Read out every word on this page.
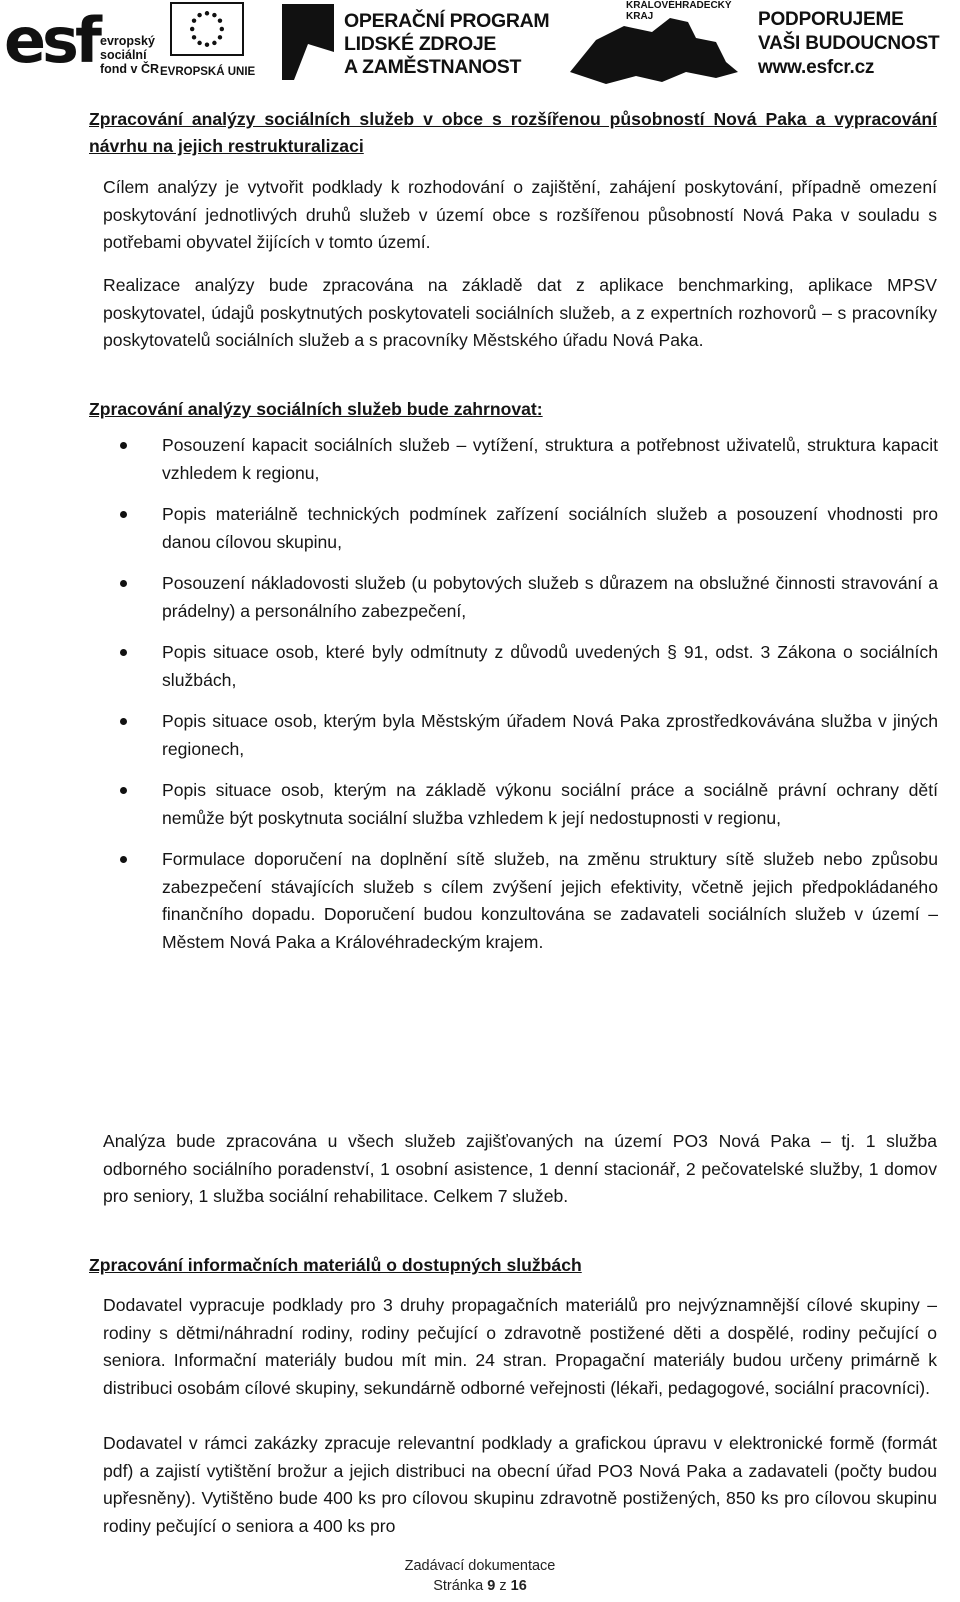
esf evropský
sociální
fond v ČR EVROPSKÁ UNIE
OPERAČNÍ PROGRAM
LIDSKÉ ZDROJE
A ZAMĚSTNANOST
KRÁLOVÉHRADECKÝ
KRAJ	PODPORUJEME
VAŠI BUDOUCNOST
www.esfcr.cz
Zpracování analýzy sociálních služeb v obce s rozšířenou působností Nová Paka a vypracování návrhu na jejich restrukturalizaci
Cílem analýzy je vytvořit podklady k rozhodování o zajištění, zahájení poskytování, případně omezení poskytování jednotlivých druhů služeb v území obce s rozšířenou působností Nová Paka v souladu s potřebami obyvatel žijících v tomto území.
Realizace analýzy bude zpracována na základě dat z aplikace benchmarking, aplikace MPSV poskytovatel, údajů poskytnutých poskytovateli sociálních služeb, a z expertních rozhovorů – s pracovníky poskytovatelů sociálních služeb a s pracovníky Městského úřadu Nová Paka.
Zpracování analýzy sociálních služeb bude zahrnovat:
Posouzení kapacit sociálních služeb – vytížení, struktura a potřebnost uživatelů, struktura kapacit vzhledem k regionu,
Popis materiálně technických podmínek zařízení sociálních služeb a posouzení vhodnosti pro danou cílovou skupinu,
Posouzení nákladovosti služeb (u pobytových služeb s důrazem na obslužné činnosti stravování a prádelny) a personálního zabezpečení,
Popis situace osob, které byly odmítnuty z důvodů uvedených § 91, odst. 3 Zákona o sociálních službách,
Popis situace osob, kterým byla Městským úřadem Nová Paka zprostředkovávána služba v jiných regionech,
Popis situace osob, kterým na základě výkonu sociální práce a sociálně právní ochrany dětí nemůže být poskytnuta sociální služba vzhledem k její nedostupnosti v regionu,
Formulace doporučení na doplnění sítě služeb, na změnu struktury sítě služeb nebo způsobu zabezpečení stávajících služeb s cílem zvýšení jejich efektivity, včetně jejich předpokládaného finančního dopadu. Doporučení budou konzultována se zadavateli sociálních služeb v území – Městem Nová Paka a Královéhradeckým krajem.
Analýza bude zpracována u všech služeb zajišťovaných na území PO3 Nová Paka – tj. 1 služba odborného sociálního poradenství, 1 osobní asistence, 1 denní stacionář, 2 pečovatelské služby, 1 domov pro seniory, 1 služba sociální rehabilitace. Celkem 7 služeb.
Zpracování informačních materiálů o dostupných službách
Dodavatel vypracuje podklady pro 3 druhy propagačních materiálů pro nejvýznamnější cílové skupiny – rodiny s dětmi/náhradní rodiny, rodiny pečující o zdravotně postižené děti a dospělé, rodiny pečující o seniora. Informační materiály budou mít min. 24 stran. Propagační materiály budou určeny primárně k distribuci osobám cílové skupiny, sekundárně odborné veřejnosti (lékaři, pedagogové, sociální pracovníci).
Dodavatel v rámci zakázky zpracuje relevantní podklady a grafickou úpravu v elektronické formě (formát pdf) a zajistí vytištění brožur a jejich distribuci na obecní úřad PO3 Nová Paka a zadavateli (počty budou upřesněny). Vytištěno bude 400 ks pro cílovou skupinu zdravotně postižených, 850 ks pro cílovou skupinu rodiny pečující o seniora a 400 ks pro
Zadávací dokumentace
Stránka 9 z 16
